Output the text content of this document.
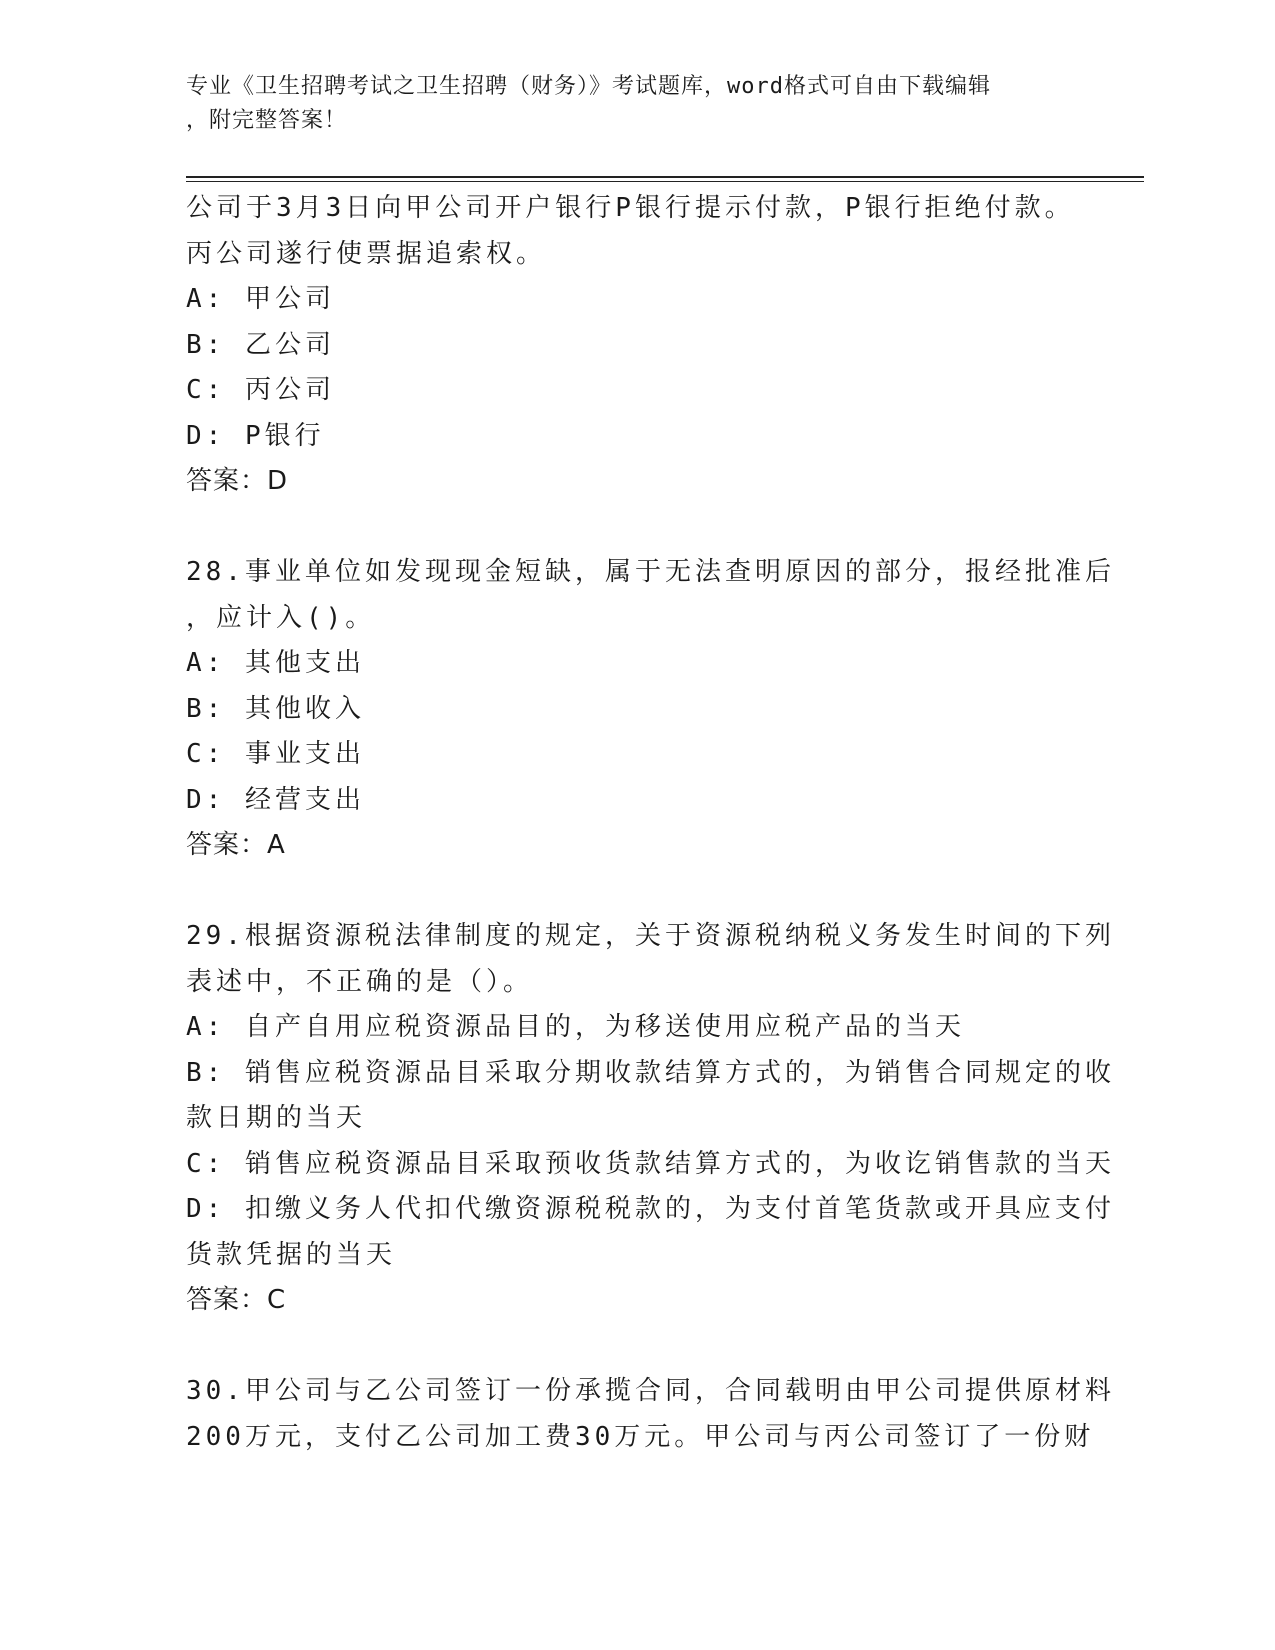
专业《卫生招聘考试之卫生招聘（财务）》考试题库，word格式可自由下载编辑
，附完整答案！
公司于3月3日向甲公司开户银行P银行提示付款，P银行拒绝付款。
丙公司遂行使票据追索权。
A: 甲公司
B: 乙公司
C: 丙公司
D: P银行
答案：D
28.事业单位如发现现金短缺，属于无法查明原因的部分，报经批准后
，应计入()。
A: 其他支出
B: 其他收入
C: 事业支出
D: 经营支出
答案：A
29.根据资源税法律制度的规定，关于资源税纳税义务发生时间的下列
表述中，不正确的是（）。
A: 自产自用应税资源品目的，为移送使用应税产品的当天
B: 销售应税资源品目采取分期收款结算方式的，为销售合同规定的收
款日期的当天
C: 销售应税资源品目采取预收货款结算方式的，为收讫销售款的当天
D: 扣缴义务人代扣代缴资源税税款的，为支付首笔货款或开具应支付
货款凭据的当天
答案：C
30.甲公司与乙公司签订一份承揽合同，合同载明由甲公司提供原材料
200万元，支付乙公司加工费30万元。甲公司与丙公司签订了一份财
